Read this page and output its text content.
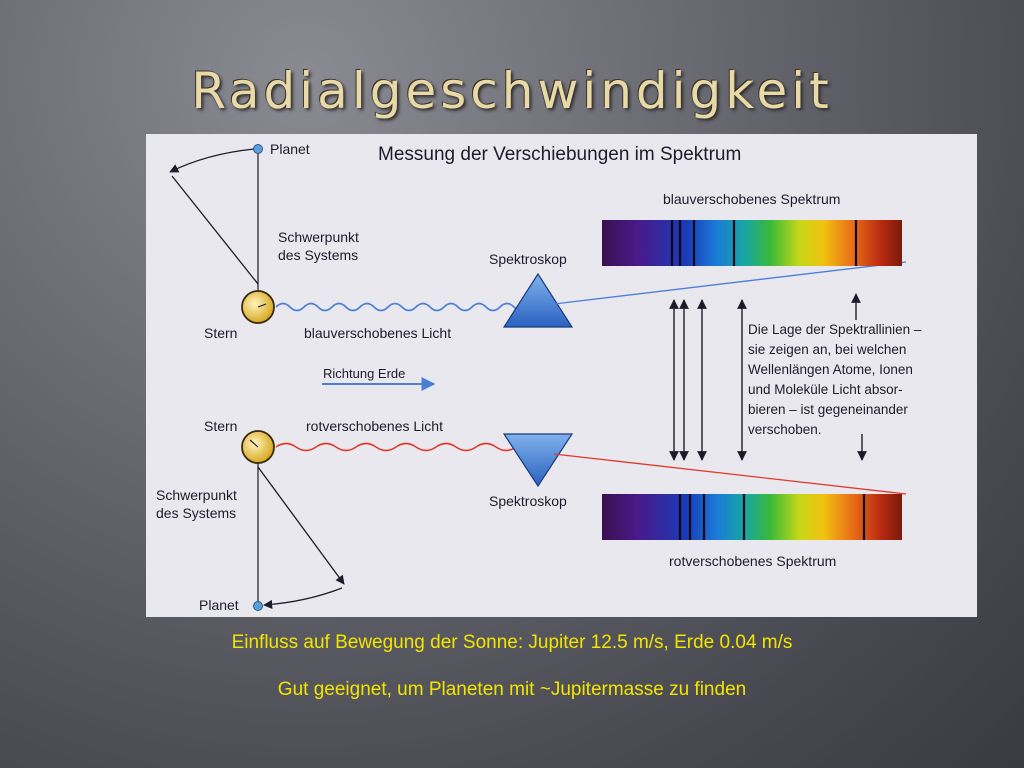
Radialgeschwindigkeit
Messung der Verschiebungen im Spektrum
Planet
Schwerpunkt
des Systems
Stern	blauverschobenes Licht
Spektroskop
blauverschobenes Spektrum
Richtung Erde
Die Lage der Spektrallinien –
sie zeigen an, bei welchen
Wellenlängen Atome, Ionen
und Moleküle Licht absor-
bieren – ist gegeneinander
verschoben.
Stern
Planet
Schwerpunkt
des Systems
rotverschobenes Licht
Spektroskop
rotverschobenes Spektrum
Einfluss auf Bewegung der Sonne: Jupiter 12.5 m/s, Erde 0.04 m/s
Gut geeignet, um Planeten mit ~Jupitermasse zu finden
